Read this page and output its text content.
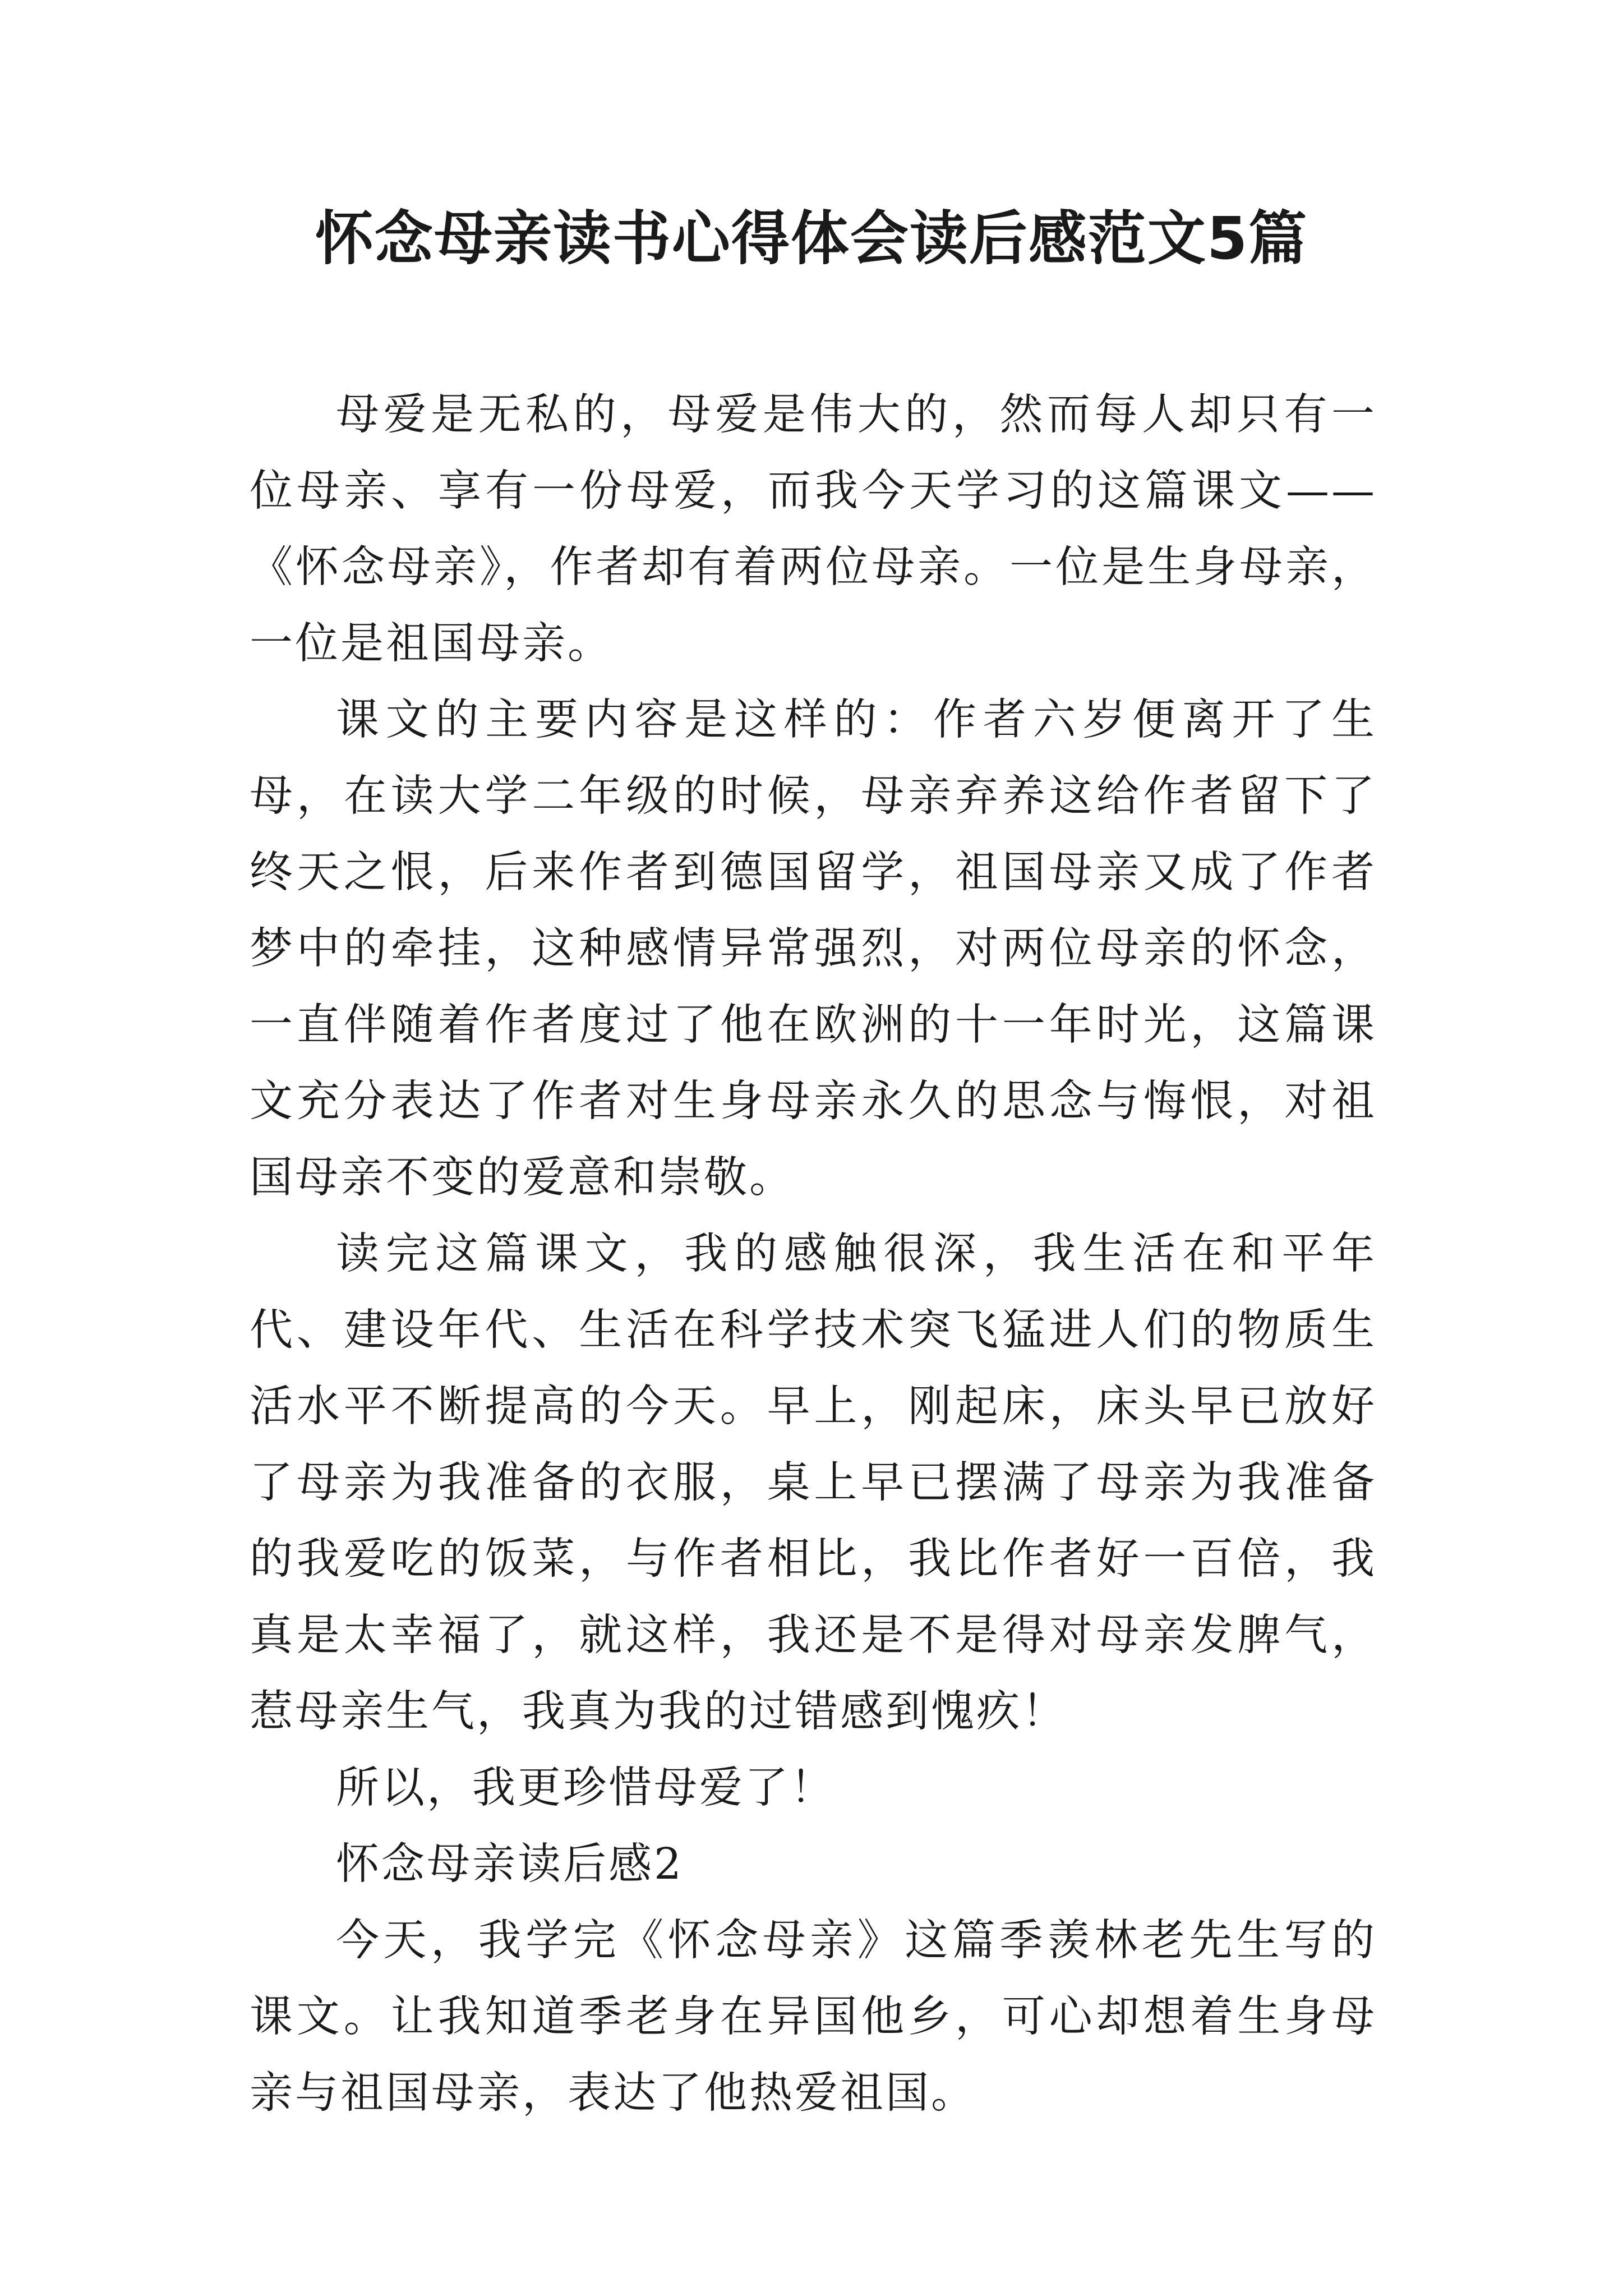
怀念母亲读书心得体会读后感范文5篇

母爱是无私的，母爱是伟大的，然而每人却只有一位母亲、享有一份母爱，而我今天学习的这篇课文——《怀念母亲》，作者却有着两位母亲。一位是生身母亲，一位是祖国母亲。

课文的主要内容是这样的：作者六岁便离开了生母，在读大学二年级的时候，母亲弃养这给作者留下了终天之恨，后来作者到德国留学，祖国母亲又成了作者梦中的牵挂，这种感情异常强烈，对两位母亲的怀念，一直伴随着作者度过了他在欧洲的十一年时光，这篇课文充分表达了作者对生身母亲永久的思念与悔恨，对祖国母亲不变的爱意和崇敬。

读完这篇课文，我的感触很深，我生活在和平年代、建设年代、生活在科学技术突飞猛进人们的物质生活水平不断提高的今天。早上，刚起床，床头早已放好了母亲为我准备的衣服，桌上早已摆满了母亲为我准备的我爱吃的饭菜，与作者相比，我比作者好一百倍，我真是太幸福了，就这样，我还是不是得对母亲发脾气，惹母亲生气，我真为我的过错感到愧疚！

所以，我更珍惜母爱了！

怀念母亲读后感2

今天，我学完《怀念母亲》这篇季羡林老先生写的课文。让我知道季老身在异国他乡，可心却想着生身母亲与祖国母亲，表达了他热爱祖国。
